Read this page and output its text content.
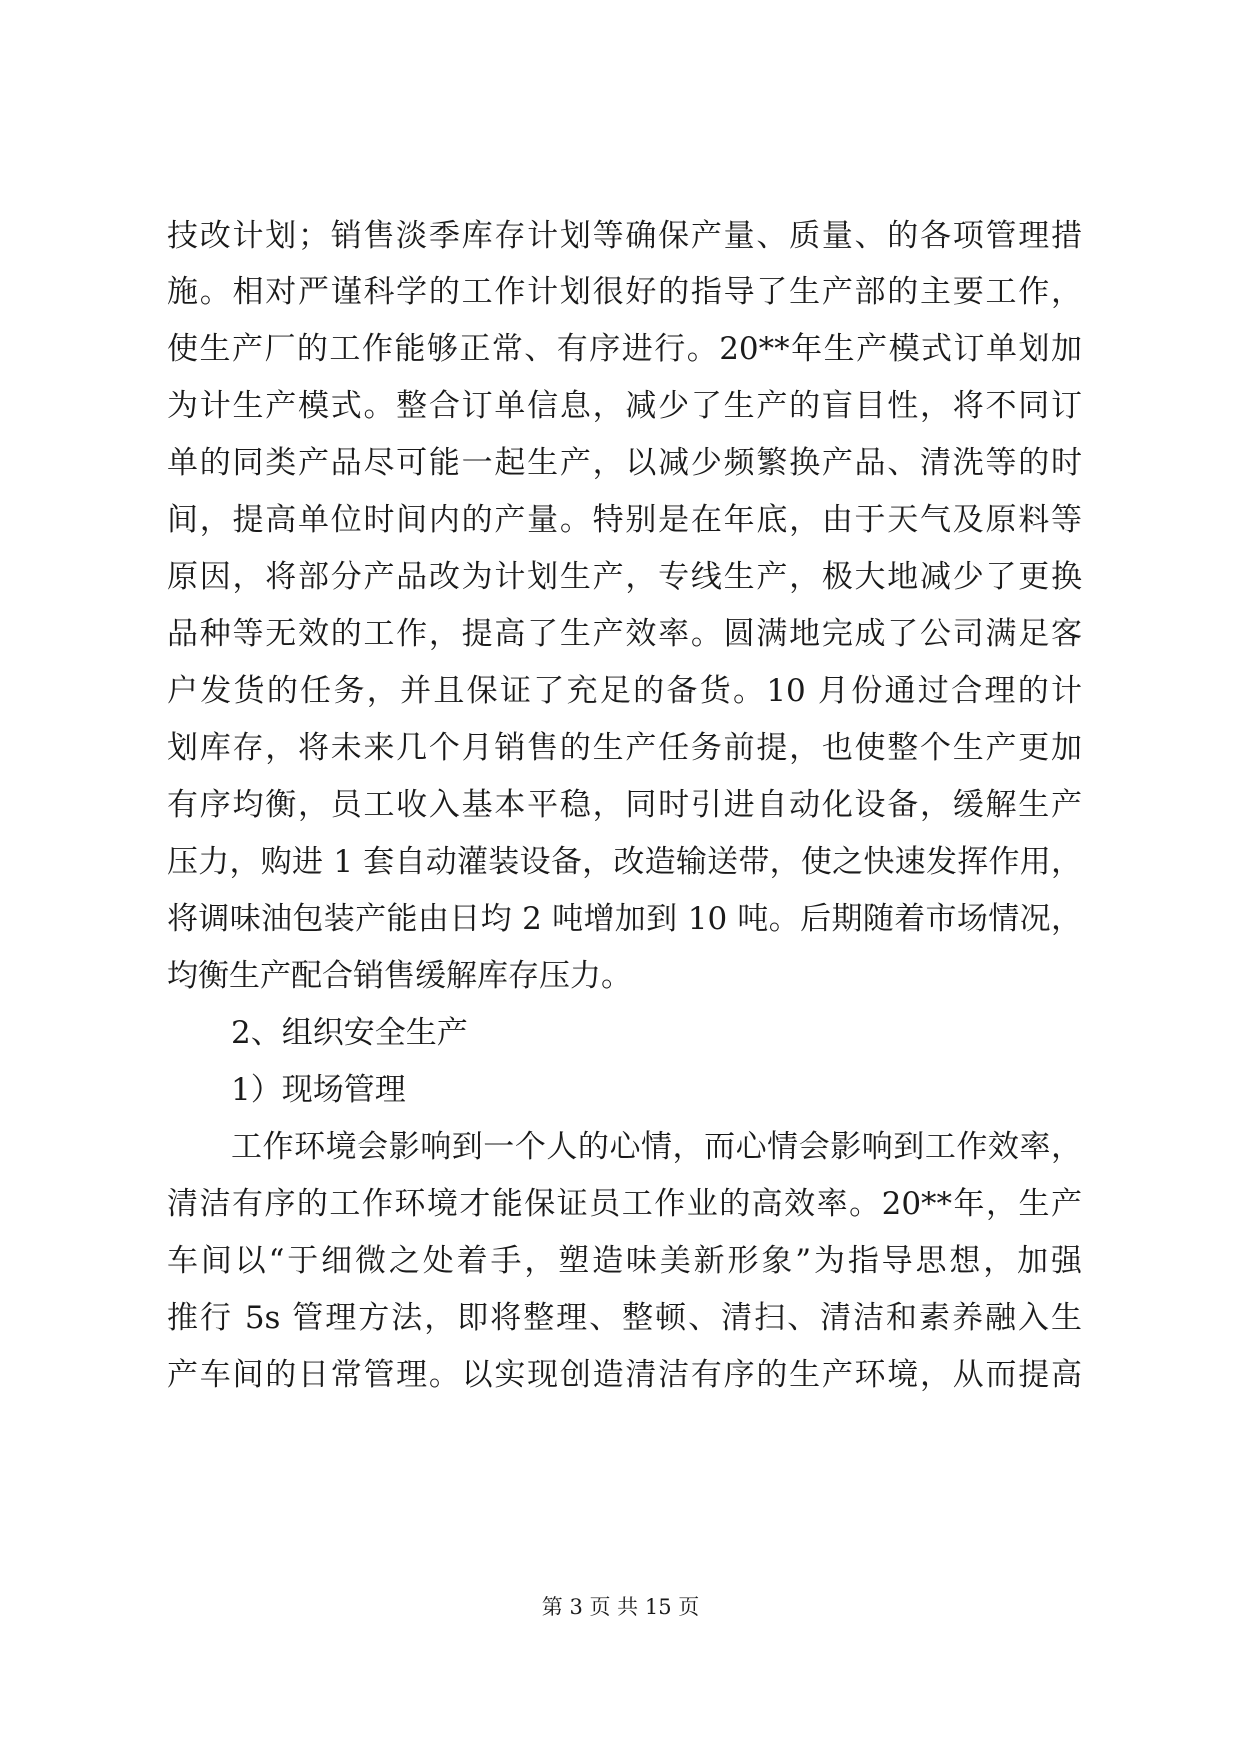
技改计划；销售淡季库存计划等确保产量、质量、的各项管理措
施。相对严谨科学的工作计划很好的指导了生产部的主要工作，
使生产厂的工作能够正常、有序进行。20**年生产模式订单划加
为计生产模式。整合订单信息，减少了生产的盲目性，将不同订
单的同类产品尽可能一起生产，以减少频繁换产品、清洗等的时
间，提高单位时间内的产量。特别是在年底，由于天气及原料等
原因，将部分产品改为计划生产，专线生产，极大地减少了更换
品种等无效的工作，提高了生产效率。圆满地完成了公司满足客
户发货的任务，并且保证了充足的备货。10 月份通过合理的计
划库存，将未来几个月销售的生产任务前提，也使整个生产更加
有序均衡，员工收入基本平稳，同时引进自动化设备，缓解生产
压力，购进 1 套自动灌装设备，改造输送带，使之快速发挥作用，
将调味油包装产能由日均 2 吨增加到 10 吨。后期随着市场情况，
均衡生产配合销售缓解库存压力。
2、组织安全生产
1）现场管理
工作环境会影响到一个人的心情，而心情会影响到工作效率，
清洁有序的工作环境才能保证员工作业的高效率。20**年，生产
车间以“于细微之处着手，塑造味美新形象”为指导思想，加强
推行 5s 管理方法，即将整理、整顿、清扫、清洁和素养融入生
产车间的日常管理。以实现创造清洁有序的生产环境，从而提高
第 3 页 共 15 页
